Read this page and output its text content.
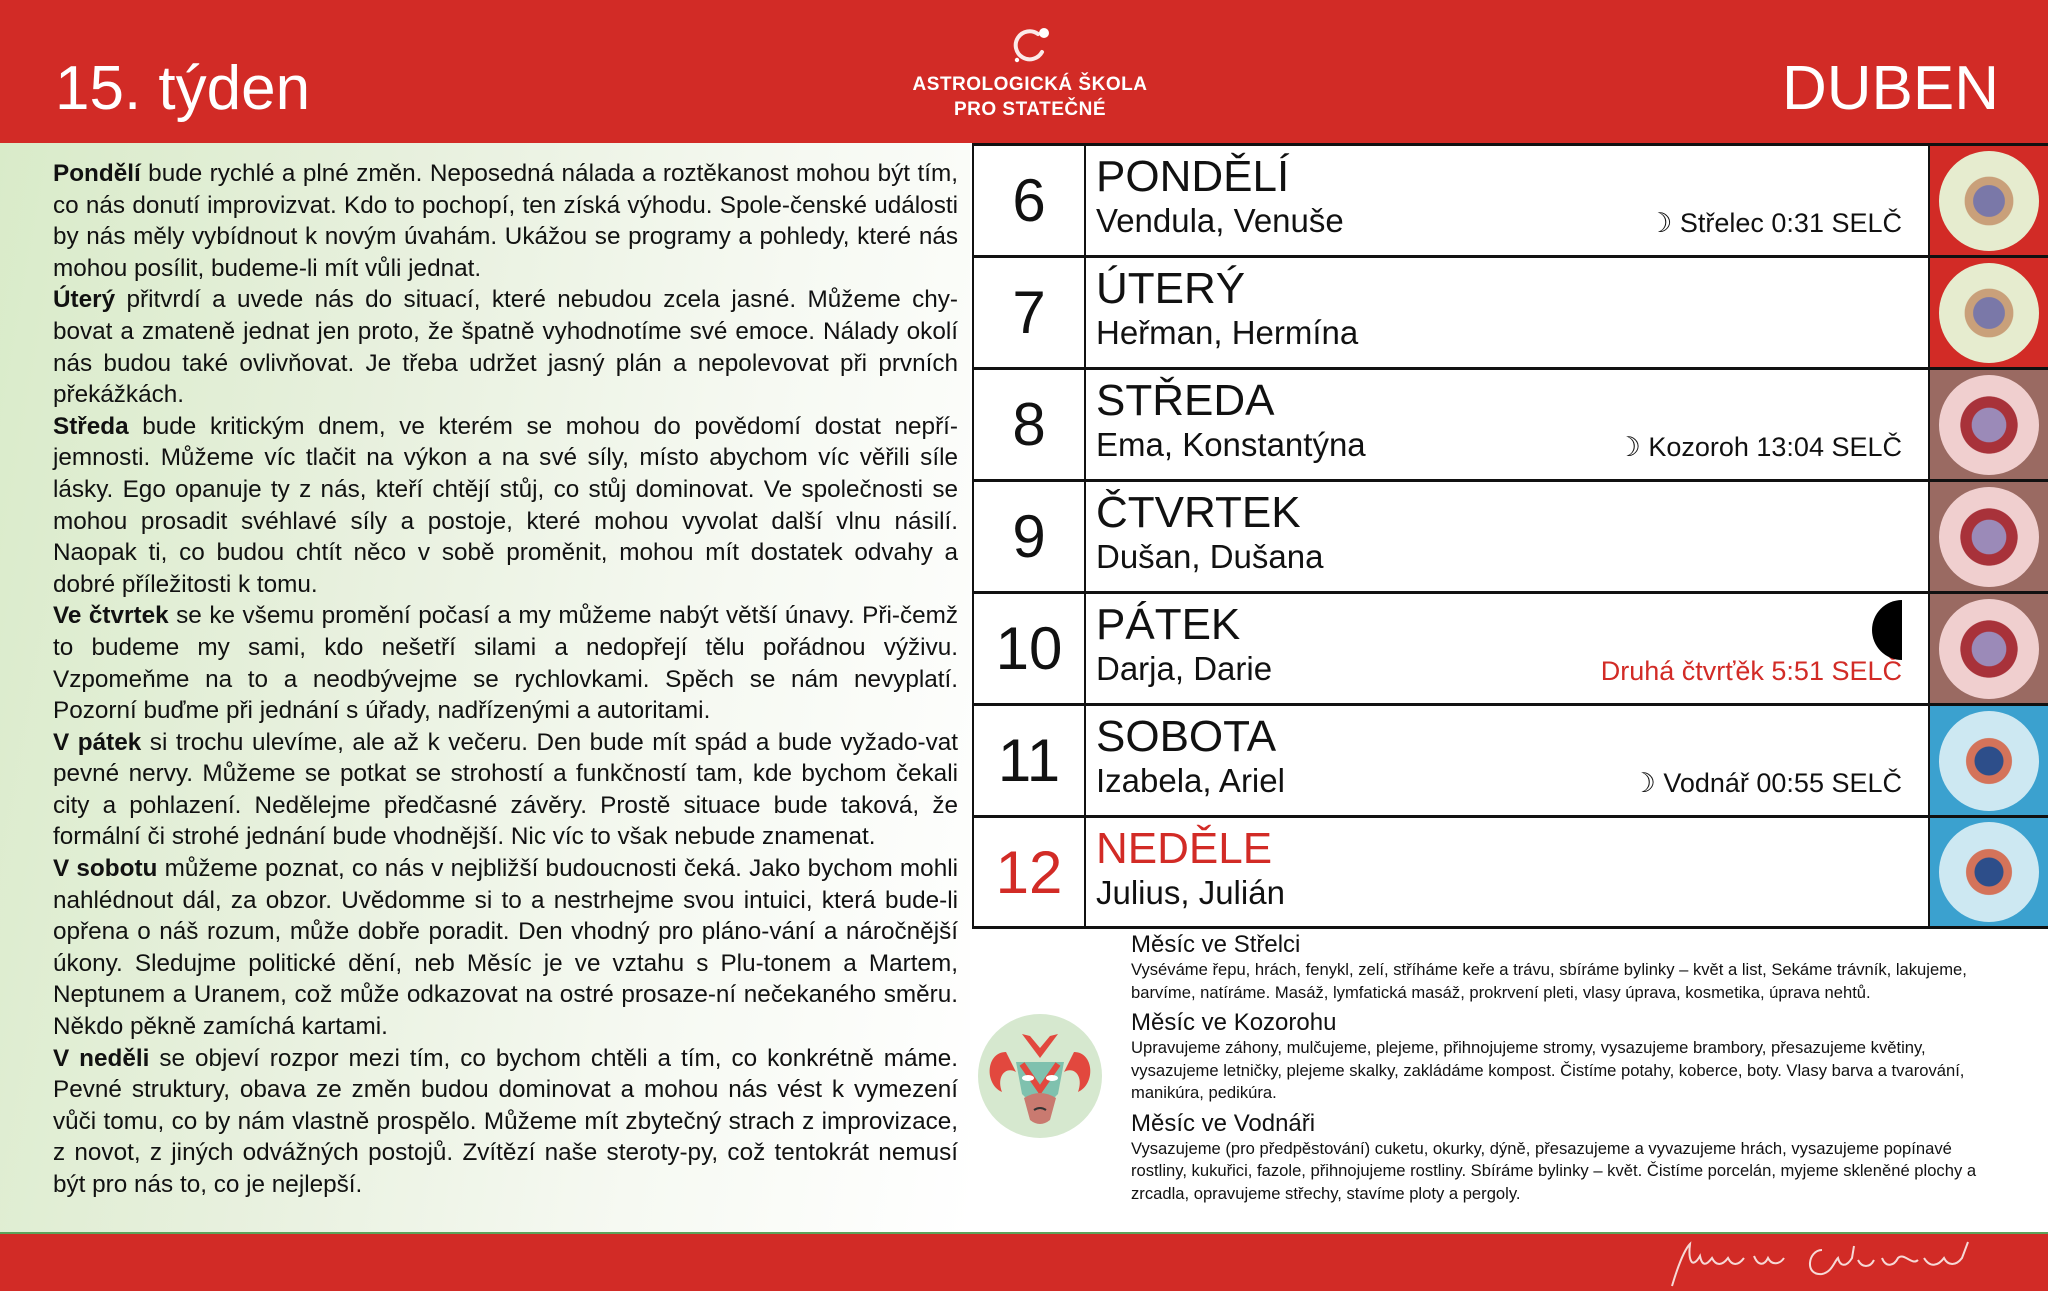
15. týden	ASTROLOGICKÁ ŠKOLA
PRO STATEČNÉ	DUBEN

Pondělí bude rychlé a plné změn. Neposedná nálada a roztěkanost mohou být tím, co nás donutí improvizvat. Kdo to pochopí, ten získá výhodu. Spole-čenské události by nás měly vybídnout k novým úvahám. Ukážou se programy a pohledy, které nás mohou posílit, budeme-li mít vůli jednat.

Úterý přitvrdí a uvede nás do situací, které nebudou zcela jasné. Můžeme chy-bovat a zmateně jednat jen proto, že špatně vyhodnotíme své emoce. Nálady okolí nás budou také ovlivňovat. Je třeba udržet jasný plán a nepolevovat při prvních překážkách.

Středa bude kritickým dnem, ve kterém se mohou do povědomí dostat nepří-jemnosti. Můžeme víc tlačit na výkon a na své síly, místo abychom víc věřili síle lásky. Ego opanuje ty z nás, kteří chtějí stůj, co stůj dominovat. Ve společnosti se mohou prosadit svéhlavé síly a postoje, které mohou vyvolat další vlnu násilí. Naopak ti, co budou chtít něco v sobě proměnit, mohou mít dostatek odvahy a dobré příležitosti k tomu.

Ve čtvrtek se ke všemu promění počasí a my můžeme nabýt větší únavy. Při-čemž to budeme my sami, kdo nešetří silami a nedopřejí tělu pořádnou výživu. Vzpomeňme na to a neodbývejme se rychlovkami. Spěch se nám nevyplatí. Pozorní buďme při jednání s úřady, nadřízenými a autoritami.

V pátek si trochu ulevíme, ale až k večeru. Den bude mít spád a bude vyžado-vat pevné nervy. Můžeme se potkat se strohostí a funkčností tam, kde bychom čekali city a pohlazení. Nedělejme předčasné závěry. Prostě situace bude taková, že formální či strohé jednání bude vhodnější. Nic víc to však nebude znamenat.

V sobotu můžeme poznat, co nás v nejbližší budoucnosti čeká. Jako bychom mohli nahlédnout dál, za obzor. Uvědomme si to a nestrhejme svou intuici, která bude-li opřena o náš rozum, může dobře poradit. Den vhodný pro pláno-vání a náročnější úkony. Sledujme politické dění, neb Měsíc je ve vztahu s Plu-tonem a Martem, Neptunem a Uranem, což může odkazovat na ostré prosaze-ní nečekaného směru. Někdo pěkně zamíchá kartami.

V neděli se objeví rozpor mezi tím, co bychom chtěli a tím, co konkrétně máme. Pevné struktury, obava ze změn budou dominovat a mohou nás vést k vymezení vůči tomu, co by nám vlastně prospělo. Můžeme mít zbytečný strach z improvizace, z novot, z jiných odvážných postojů. Zvítězí naše steroty-py, což tentokrát nemusí být pro nás to, co je nejlepší.

6	PONDĚLÍ
Vendula, Venuše	☽ Střelec 0:31 SELČ
7	ÚTERÝ
Heřman, Hermína
8	STŘEDA
Ema, Konstantýna	☽ Kozoroh 13:04 SELČ
9	ČTVRTEK
Dušan, Dušana
10 PÁTEK
Darja, Darie	Druhá čtvrťěk 5:51 SELČ
11 SOBOTA
Izabela, Ariel	☽ Vodnář 00:55 SELČ
12 NEDĚLE
Julius, Julián
Měsíc ve Střelci
Vyséváme řepu, hrách, fenykl, zelí, stříháme keře a trávu, sbíráme bylinky – květ a list, Sekáme trávník, lakujeme, barvíme, natíráme. Masáž, lymfatická masáž, prokrvení pleti, vlasy úprava, kosmetika, úprava nehtů.
Měsíc ve Kozorohu
Upravujeme záhony, mulčujeme, plejeme, přihnojujeme stromy, vysazujeme brambory, přesazujeme květiny, vysazujeme letničky, plejeme skalky, zakládáme kompost. Čistíme potahy, koberce, boty. Vlasy barva a tvarování, manikúra, pedikúra.
Měsíc ve Vodnáři
Vysazujeme (pro předpěstování) cuketu, okurky, dýně, přesazujeme a vyvazujeme hrách, vysazujeme popínavé rostliny, kukuřici, fazole, přihnojujeme rostliny. Sbíráme bylinky – květ. Čistíme porcelán, myjeme skleněné plochy a zrcadla, opravujeme střechy, stavíme ploty a pergoly.
